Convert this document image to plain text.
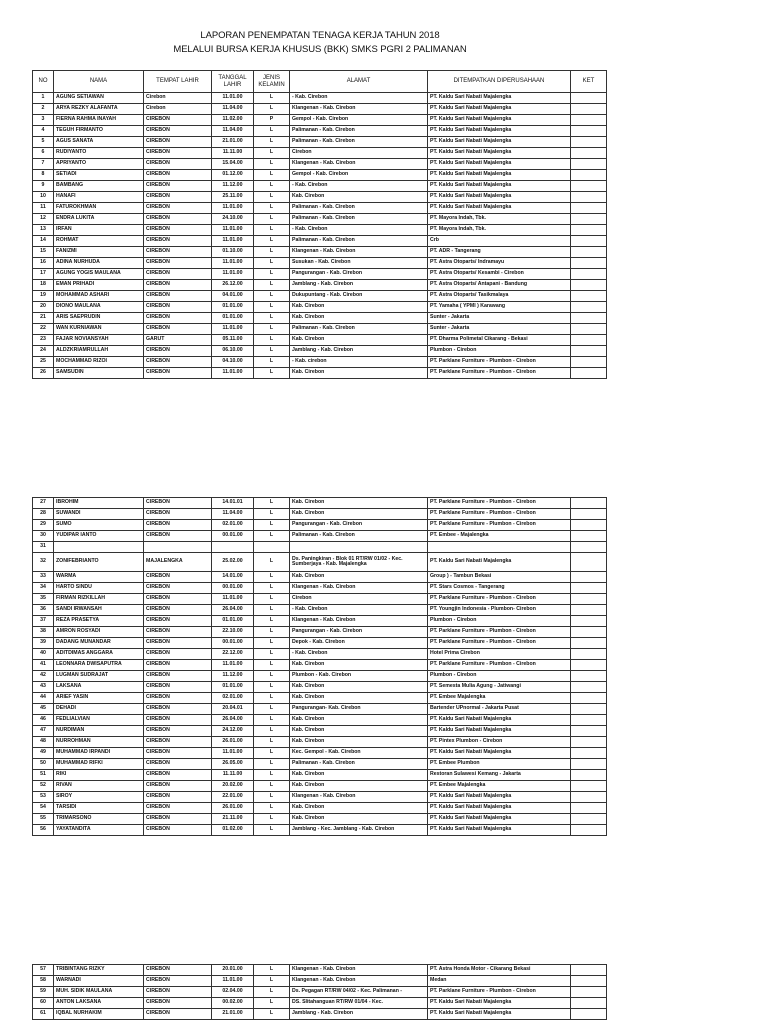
LAPORAN PENEMPATAN TENAGA KERJA TAHUN 2018
MELALUI BURSA KERJA KHUSUS (BKK) SMKS PGRI 2 PALIMANAN
NO	NAMA	TEMPAT LAHIR	TANGGAL LAHIR	JENIS KELAMIN	ALAMAT	DITEMPATKAN DIPERUSAHAAN	KET
1	AGUNG SETIAWAN	Cirebon	11.01.00	L	- Kab. Cirebon	PT. Kaldu Sari Nabati Majalengka	
2	ARYA REZKY ALAFANTA	Cirebon	11.04.00	L	Klangenan - Kab. Cirebon	PT. Kaldu Sari Nabati Majalengka	
3	FIERNA RAHMA INAYAH	CIREBON	11.02.00	P	Gempol - Kab. Cirebon	PT. Kaldu Sari Nabati Majalengka	
4	TEGUH FIRMANTO	CIREBON	11.04.00	L	Palimanan - Kab. Cirebon	PT. Kaldu Sari Nabati Majalengka	
5	AGUS SANATA	CIREBON	21.01.00	L	Palimanan - Kab. Cirebon	PT. Kaldu Sari Nabati Majalengka	
6	RUDIYANTO	CIREBON	11.11.00	L	Cirebon	PT. Kaldu Sari Nabati Majalengka	
7	APRIYANTO	CIREBON	15.04.00	L	Klangenan - Kab. Cirebon	PT. Kaldu Sari Nabati Majalengka	
8	SETIADI	CIREBON	01.12.00	L	Gempol - Kab. Cirebon	PT. Kaldu Sari Nabati Majalengka	
9	BAMBANG	CIREBON	11.12.00	L	- Kab. Cirebon	PT. Kaldu Sari Nabati Majalengka	
10	HANAFI	CIREBON	25.11.00	L	Kab. Cirebon	PT. Kaldu Sari Nabati Majalengka	
11	FATUROKHMAN	CIREBON	11.01.00	L	Palimanan - Kab. Cirebon	PT. Kaldu Sari Nabati Majalengka	
12	ENDRA LUKITA	CIREBON	24.10.00	L	Palimanan - Kab. Cirebon	PT. Mayora Indah, Tbk.	
13	IRFAN	CIREBON	11.01.00	L	- Kab. Cirebon	PT. Mayora Indah, Tbk.	
14	ROHMAT	CIREBON	11.01.00	L	Palimanan - Kab. Cirebon	Crb	
15	FANIZMI	CIREBON	01.10.00	L	Klangenan - Kab. Cirebon	PT. ADR - Tangerang	
16	ADINA NURHUDA	CIREBON	11.01.00	L	Susukan - Kab. Cirebon	PT. Astra Otoparts/ Indramayu	
17	AGUNG YOGIS MAULANA	CIREBON	11.01.00	L	Pangurangan - Kab. Cirebon	PT. Astra Otoparts/ Kesambi - Cirebon	
18	EMAN PRIHADI	CIREBON	26.12.00	L	Jamblang - Kab. Cirebon	PT. Astra Otoparts/ Antapani - Bandung	
19	MOHAMMAD ASHARI	CIREBON	04.01.00	L	Dukupuntang - Kab. Cirebon	PT. Astra Otoparts/ Tasikmalaya	
20	DIONO MAULANA	CIREBON	01.01.00	L	Kab. Cirebon	PT. Yamaha ( YPMI ) Karawang	
21	ARIS SAEPRUDIN	CIREBON	01.01.00	L	Kab. Cirebon	Sunter - Jakarta	
22	WAN KURNIAWAN	CIREBON	11.01.00	L	Palimanan - Kab. Cirebon	Sunter - Jakarta	
23	FAJAR NOVIANSYAH	GARUT	05.11.00	L	Kab. Cirebon	PT. Dharma Polimetal Cikarang - Bekasi	
24	ALDZKRIAMRULLAH	CIREBON	06.10.00	L	Jamblang - Kab. Cirebon	Plumbon - Cirebon	
25	MOCHAMMAD RIZOI	CIREBON	04.10.00	L	- Kab. cirebon	PT. Parklane Furniture - Plumbon - Cirebon	
26	SAMSUDIN	CIREBON	11.01.00	L	Kab. Cirebon	PT. Parklane Furniture - Plumbon - Cirebon	
27	IBROHIM	CIREBON	14.01.01	L	Kab. Cirebon	PT. Parklane Furniture - Plumbon - Cirebon	
28	SUWANDI	CIREBON	11.04.00	L	Kab. Cirebon	PT. Parklane Furniture - Plumbon - Cirebon	
29	SUMO	CIREBON	02.01.00	L	Pangurangan - Kab. Cirebon	PT. Parklane Furniture - Plumbon - Cirebon	
30	YUDIPAR IANTO	CIREBON	00.01.00	L	Palimanan - Kab. Cirebon	PT. Embee - Majalengka	
31							
32	ZONIFEBRIANTO	MAJALENGKA	25.02.00	L	Ds. Paningkiran - Blok 01 RT/RW 01/02 - Kec. Sumberjaya - Kab. Majalengka	PT. Kaldu Sari Nabati Majalengka	
33	WARMA	CIREBON	14.01.00	L	Kab. Cirebon	Group ) - Tambun Bekasi	
34	HARTO SINDU	CIREBON	00.01.00	L	Klangenan - Kab. Cirebon	PT. Stars Cosmos - Tangerang	
35	FIRMAN RIZKILLAH	CIREBON	11.01.00	L	Cirebon	PT. Parklane Furniture - Plumbon - Cirebon	
36	SANDI IRWANSAH	CIREBON	26.04.00	L	- Kab. Cirebon	PT. Youngjin Indonesia - Plumbon- Cirebon	
37	REZA PRASETYA	CIREBON	01.01.00	L	Klangenan - Kab. Cirebon	Plumbon - Cirebon	
38	AMRON ROSYADI	CIREBON	22.10.00	L	Pangurangan - Kab. Cirebon	PT. Parklane Furniture - Plumbon - Cirebon	
39	DADANG MUNANDAR	CIREBON	00.01.00	L	Depok - Kab. Cirebon	PT. Parklane Furniture - Plumbon - Cirebon	
40	ADITDIMAS ANGGARA	CIREBON	22.12.00	L	- Kab. Cirebon	Hotel Prima Cirebon	
41	LEONNARA DWISAPUTRA	CIREBON	11.01.00	L	Kab. Cirebon	PT. Parklane Furniture - Plumbon - Cirebon	
42	LUGMAN SUDRAJAT	CIREBON	11.12.00	L	Plumbon - Kab. Cirebon	Plumbon - Cirebon	
43	LAKSANA	CIREBON	01.01.00	L	Kab. Cirebon	PT. Semesta Mulia Agung - Jatiwangi	
44	ARIEF YASIN	CIREBON	02.01.00	L	Kab. Cirebon	PT. Embee Majalengka	
45	DEHADI	CIREBON	20.04.01	L	Pangurangan- Kab. Cirebon	Bartender UPnormal - Jakarta Pusat	
46	FEDLIALVIAN	CIREBON	26.04.00	L	Kab. Cirebon	PT. Kaldu Sari Nabati Majalengka	
47	NURDIMAN	CIREBON	24.12.00	L	Kab. Cirebon	PT. Kaldu Sari Nabati Majalengka	
48	NURROHMAN	CIREBON	26.01.00	L	Kab. Cirebon	PT. Pintex Plumbon - Cirebon	
49	MUHAMMAD IRPANDI	CIREBON	11.01.00	L	Kec. Gempol - Kab. Cirebon	PT. Kaldu Sari Nabati Majalengka	
50	MUHAMMAD RIFKI	CIREBON	26.05.00	L	Palimanan - Kab. Cirebon	PT. Embee Plumbon	
51	RIKI	CIREBON	11.11.00	L	Kab. Cirebon	Restoran Sulawesi Kemang - Jakarta	
52	RIVAN	CIREBON	20.02.00	L	Kab. Cirebon	PT. Embee Majalengka	
53	SIROY	CIREBON	22.01.00	L	Klangenan - Kab. Cirebon	PT. Kaldu Sari Nabati Majalengka	
54	TARSIDI	CIREBON	26.01.00	L	Kab. Cirebon	PT. Kaldu Sari Nabati Majalengka	
55	TRIMARSONO	CIREBON	21.11.00	L	Kab. Cirebon	PT. Kaldu Sari Nabati Majalengka	
56	YAYATANDITA	CIREBON	01.02.00	L	Jamblang - Kec. Jamblang - Kab. Cirebon	PT. Kaldu Sari Nabati Majalengka	
57	TRIBINTANG RIZKY	CIREBON	20.01.00	L	Klangenan - Kab. Cirebon	PT. Astra Honda Motor - Cikarang Bekasi	
58	WARNADI	CIREBON	11.01.00	L	Klangenan - Kab. Cirebon	Medan	
59	MUH. SIDIK MAULANA	CIREBON	02.04.00	L	Ds. Pegagan RT/RW 04/02 - Kec. Palimanan -	PT. Parklane Furniture - Plumbon - Cirebon	
60	ANTON LAKSANA	CIREBON	00.02.00	L	DS. Slitahanguan RT/RW 01/04 - Kec.	PT. Kaldu Sari Nabati Majalengka	
61	IQBAL NURHAKIM	CIREBON	21.01.00	L	Jamblang - Kab. Cirebon	PT. Kaldu Sari Nabati Majalengka	
